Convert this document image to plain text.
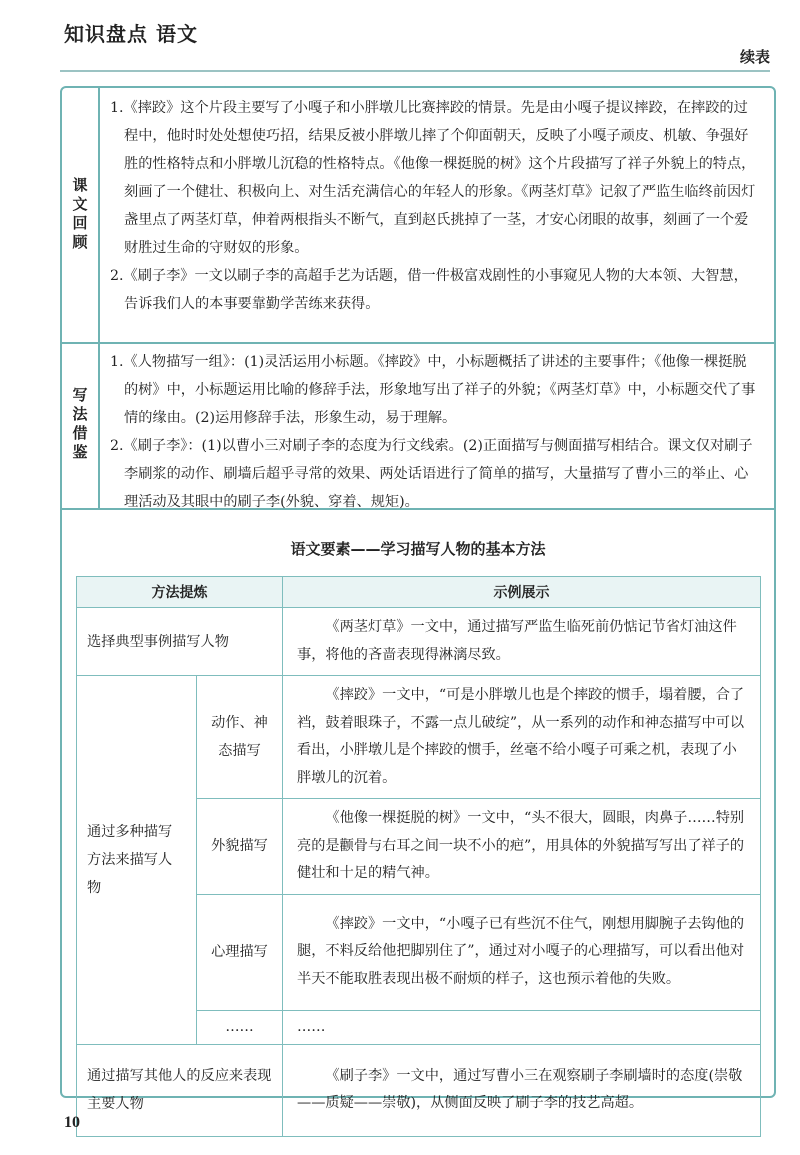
知识盘点 语文
续表
课文回顾

1.《摔跤》这个片段主要写了小嘎子和小胖墩儿比赛摔跤的情景。先是由小嘎子提议摔跤，在摔跤的过程中，他时时处处想使巧招，结果反被小胖墩儿摔了个仰面朝天，反映了小嘎子顽皮、机敏、争强好胜的性格特点和小胖墩儿沉稳的性格特点。《他像一棵挺脱的树》这个片段描写了祥子外貌上的特点，刻画了一个健壮、积极向上、对生活充满信心的年轻人的形象。《两茎灯草》记叙了严监生临终前因灯盏里点了两茎灯草，伸着两根指头不断气，直到赵氏挑掉了一茎，才安心闭眼的故事，刻画了一个爱财胜过生命的守财奴的形象。

2.《刷子李》一文以刷子李的高超手艺为话题，借一件极富戏剧性的小事窥见人物的大本领、大智慧，告诉我们人的本事要靠勤学苦练来获得。

写法借鉴

1.《人物描写一组》：(1)灵活运用小标题。《摔跤》中，小标题概括了讲述的主要事件；《他像一棵挺脱的树》中，小标题运用比喻的修辞手法，形象地写出了祥子的外貌；《两茎灯草》中，小标题交代了事情的缘由。(2)运用修辞手法，形象生动，易于理解。

2.《刷子李》：(1)以曹小三对刷子李的态度为行文线索。(2)正面描写与侧面描写相结合。课文仅对刷子李刷浆的动作、刷墙后超乎寻常的效果、两处话语进行了简单的描写，大量描写了曹小三的举止、心理活动及其眼中的刷子李(外貌、穿着、规矩)。

语文要素——学习描写人物的基本方法
方法提炼		示例展示

选择典型事例描写人物		《两茎灯草》一文中，通过描写严监生临死前仍惦记节省灯油这件事，将他的吝啬表现得淋漓尽致。

通过多种描写方法来描写人物	动作、神态描写	《摔跤》一文中，“可是小胖墩儿也是个摔跤的惯手，塌着腰，合了裆，鼓着眼珠子，不露一点儿破绽”，从一系列的动作和神态描写中可以看出，小胖墩儿是个摔跤的惯手，丝毫不给小嘎子可乘之机，表现了小胖墩儿的沉着。

	外貌描写	《他像一棵挺脱的树》一文中，“头不很大，圆眼，肉鼻子……特别亮的是颧骨与右耳之间一块不小的疤”，用具体的外貌描写写出了祥子的健壮和十足的精气神。

	心理描写	《摔跤》一文中，“小嘎子已有些沉不住气，刚想用脚腕子去钩他的腿，不料反给他把脚别住了”，通过对小嘎子的心理描写，可以看出他对半天不能取胜表现出极不耐烦的样子，这也预示着他的失败。

	……	……

通过描写其他人的反应来表现主要人物		《刷子李》一文中，通过写曹小三在观察刷子李刷墙时的态度(崇敬——质疑——崇敬)，从侧面反映了刷子李的技艺高超。
10
